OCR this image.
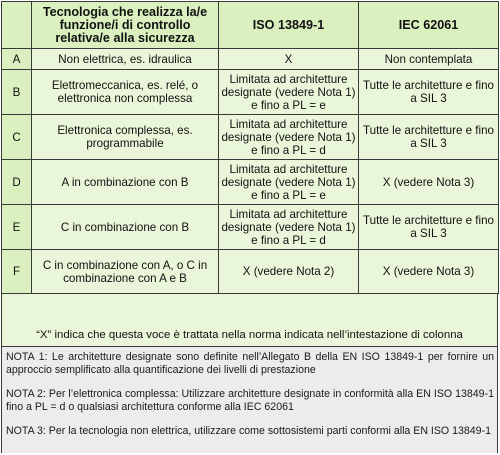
	Tecnologia che realizza la/e funzione/i di controllo relativa/e alla sicurezza	ISO 13849-1	IEC 62061
A	Non elettrica, es. idraulica	X	Non contemplata
B	Elettromeccanica, es. relé, o elettronica non complessa	Limitata ad architetture designate (vedere Nota 1) e fino a PL = e	Tutte le architetture e fino a SIL 3
C	Elettronica complessa, es. programmabile	Limitata ad architetture designate (vedere Nota 1) e fino a PL = d	Tutte le architetture e fino a SIL 3
D	A in combinazione con B	Limitata ad architetture designate (vedere Nota 1) e fino a PL = e	X (vedere Nota 3)
E	C in combinazione con B	Limitata ad architetture designate (vedere Nota 1) e fino a PL = d	Tutte le architetture e fino a SIL 3
F	C in combinazione con A, o C in combinazione con A e B	X (vedere Nota 2)	X (vedere Nota 3)
“X” indica che questa voce è trattata nella norma indicata nell’intestazione di colonna
NOTA 1: Le architetture designate sono definite nell’Allegato B della EN ISO 13849-1 per fornire un approccio semplificato alla quantificazione dei livelli di prestazione
NOTA 2: Per l’elettronica complessa: Utilizzare architetture designate in conformità alla EN ISO 13849-1 fino a PL = d o qualsiasi architettura conforme alla IEC 62061
NOTA 3: Per la tecnologia non elettrica, utilizzare come sottosistemi parti conformi alla EN ISO 13849-1
